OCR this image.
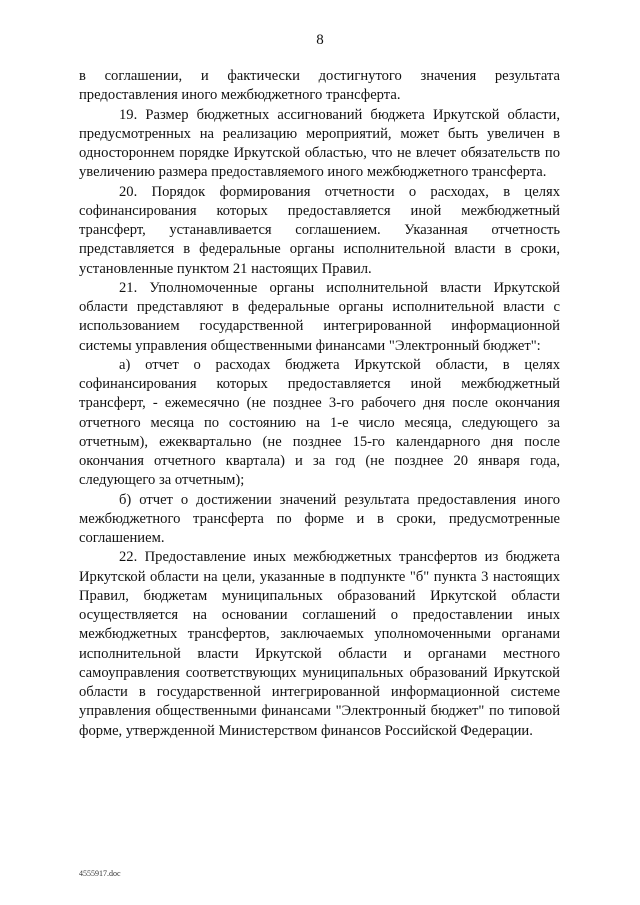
8

в соглашении, и фактически достигнутого значения результата предоставления иного межбюджетного трансферта.

19. Размер бюджетных ассигнований бюджета Иркутской области, предусмотренных на реализацию мероприятий, может быть увеличен в одностороннем порядке Иркутской областью, что не влечет обязательств по увеличению размера предоставляемого иного межбюджетного трансферта.

20. Порядок формирования отчетности о расходах, в целях софинансирования которых предоставляется иной межбюджетный трансферт, устанавливается соглашением. Указанная отчетность представляется в федеральные органы исполнительной власти в сроки, установленные пунктом 21 настоящих Правил.

21. Уполномоченные органы исполнительной власти Иркутской области представляют в федеральные органы исполнительной власти с использованием государственной интегрированной информационной системы управления общественными финансами "Электронный бюджет":

а) отчет о расходах бюджета Иркутской области, в целях софинансирования которых предоставляется иной межбюджетный трансферт, - ежемесячно (не позднее 3-го рабочего дня после окончания отчетного месяца по состоянию на 1-е число месяца, следующего за отчетным), ежеквартально (не позднее 15-го календарного дня после окончания отчетного квартала) и за год (не позднее 20 января года, следующего за отчетным);

б) отчет о достижении значений результата предоставления иного межбюджетного трансферта по форме и в сроки, предусмотренные соглашением.

22. Предоставление иных межбюджетных трансфертов из бюджета Иркутской области на цели, указанные в подпункте "б" пункта 3 настоящих Правил, бюджетам муниципальных образований Иркутской области осуществляется на основании соглашений о предоставлении иных межбюджетных трансфертов, заключаемых уполномоченными органами исполнительной власти Иркутской области и органами местного самоуправления соответствующих муниципальных образований Иркутской области в государственной интегрированной информационной системе управления общественными финансами "Электронный бюджет" по типовой форме, утвержденной Министерством финансов Российской Федерации.

4555917.doc
